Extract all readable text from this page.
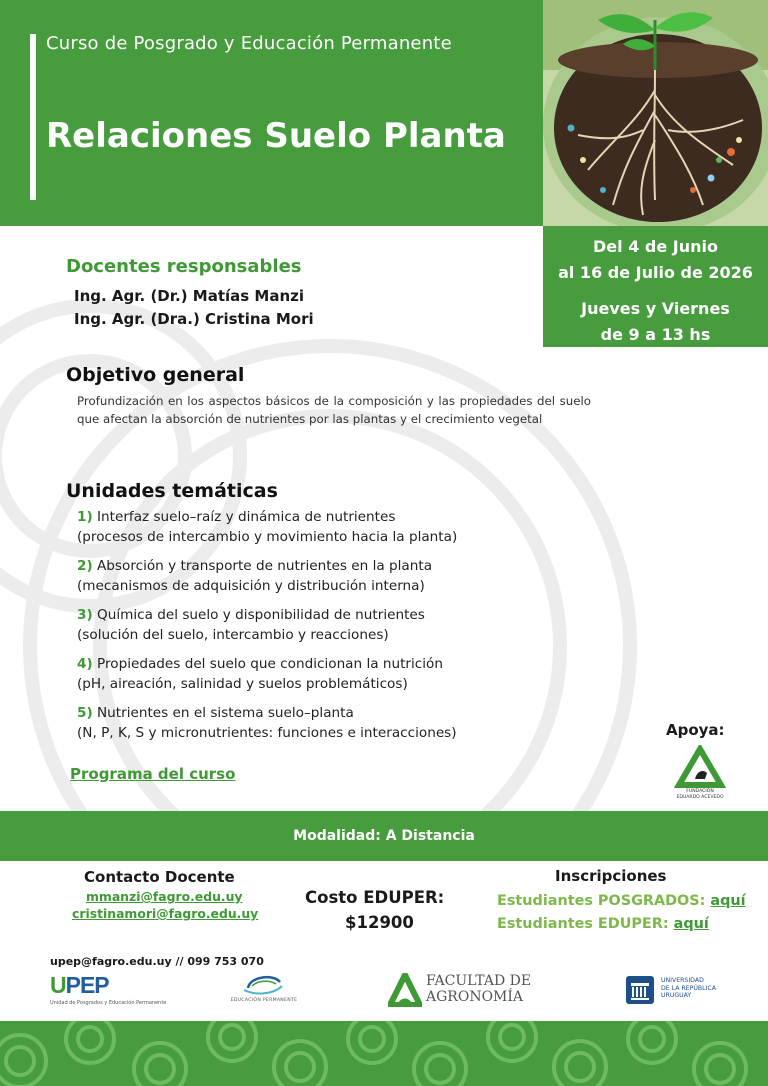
Curso de Posgrado y Educación Permanente
Relaciones Suelo Planta
Del 4 de Junio
al 16 de Julio de 2026
Jueves y Viernes
de 9 a 13 hs
Docentes responsables
Ing. Agr. (Dr.) Matías Manzi
Ing. Agr. (Dra.) Cristina Mori
Objetivo general
Profundización en los aspectos básicos de la composición y las propiedades del suelo que afectan la absorción de nutrientes por las plantas y el crecimiento vegetal
Unidades temáticas
1) Interfaz suelo–raíz y dinámica de nutrientes
(procesos de intercambio y movimiento hacia la planta)
2) Absorción y transporte de nutrientes en la planta
(mecanismos de adquisición y distribución interna)
3) Química del suelo y disponibilidad de nutrientes
(solución del suelo, intercambio y reacciones)
4) Propiedades del suelo que condicionan la nutrición
(pH, aireación, salinidad y suelos problemáticos)
5) Nutrientes en el sistema suelo–planta
(N, P, K, S y micronutrientes: funciones e interacciones)
Programa del curso
Apoya:
FUNDACIÓN
EDUARDO ACEVEDO
Modalidad: A Distancia
Contacto Docente
mmanzi@fagro.edu.uy
cristinamori@fagro.edu.uy
Costo EDUPER:
$12900
Inscripciones
Estudiantes POSGRADOS: aquí
Estudiantes EDUPER: aquí
upep@fagro.edu.uy // 099 753 070
UPEP
Unidad de Posgrados y Educación Permanente	EDUCACIÓN PERMANENTE
FACULTAD DE
AGRONOMÍA
UNIVERSIDAD
DE LA REPÚBLICA
URUGUAY
